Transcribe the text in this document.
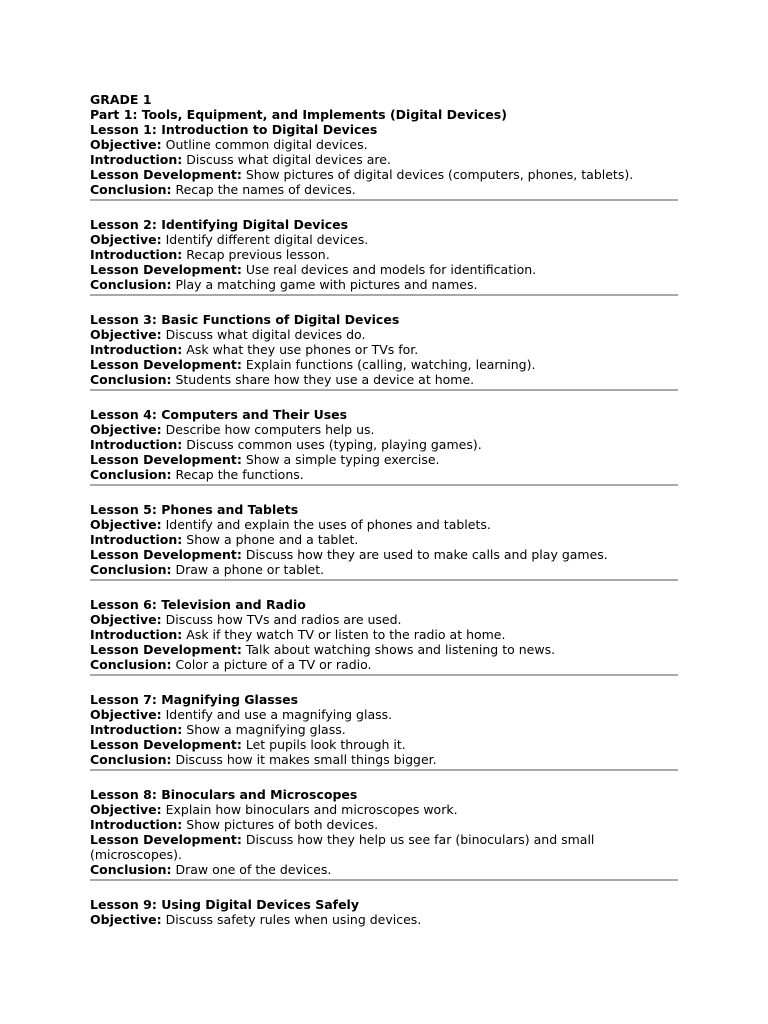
GRADE 1
Part 1: Tools, Equipment, and Implements (Digital Devices)
Lesson 1: Introduction to Digital Devices
Objective: Outline common digital devices.
Introduction: Discuss what digital devices are.
Lesson Development: Show pictures of digital devices (computers, phones, tablets).
Conclusion: Recap the names of devices.
Lesson 2: Identifying Digital Devices
Objective: Identify different digital devices.
Introduction: Recap previous lesson.
Lesson Development: Use real devices and models for identification.
Conclusion: Play a matching game with pictures and names.
Lesson 3: Basic Functions of Digital Devices
Objective: Discuss what digital devices do.
Introduction: Ask what they use phones or TVs for.
Lesson Development: Explain functions (calling, watching, learning).
Conclusion: Students share how they use a device at home.
Lesson 4: Computers and Their Uses
Objective: Describe how computers help us.
Introduction: Discuss common uses (typing, playing games).
Lesson Development: Show a simple typing exercise.
Conclusion: Recap the functions.
Lesson 5: Phones and Tablets
Objective: Identify and explain the uses of phones and tablets.
Introduction: Show a phone and a tablet.
Lesson Development: Discuss how they are used to make calls and play games.
Conclusion: Draw a phone or tablet.
Lesson 6: Television and Radio
Objective: Discuss how TVs and radios are used.
Introduction: Ask if they watch TV or listen to the radio at home.
Lesson Development: Talk about watching shows and listening to news.
Conclusion: Color a picture of a TV or radio.
Lesson 7: Magnifying Glasses
Objective: Identify and use a magnifying glass.
Introduction: Show a magnifying glass.
Lesson Development: Let pupils look through it.
Conclusion: Discuss how it makes small things bigger.
Lesson 8: Binoculars and Microscopes
Objective: Explain how binoculars and microscopes work.
Introduction: Show pictures of both devices.
Lesson Development: Discuss how they help us see far (binoculars) and small (microscopes).
Conclusion: Draw one of the devices.
Lesson 9: Using Digital Devices Safely
Objective: Discuss safety rules when using devices.
